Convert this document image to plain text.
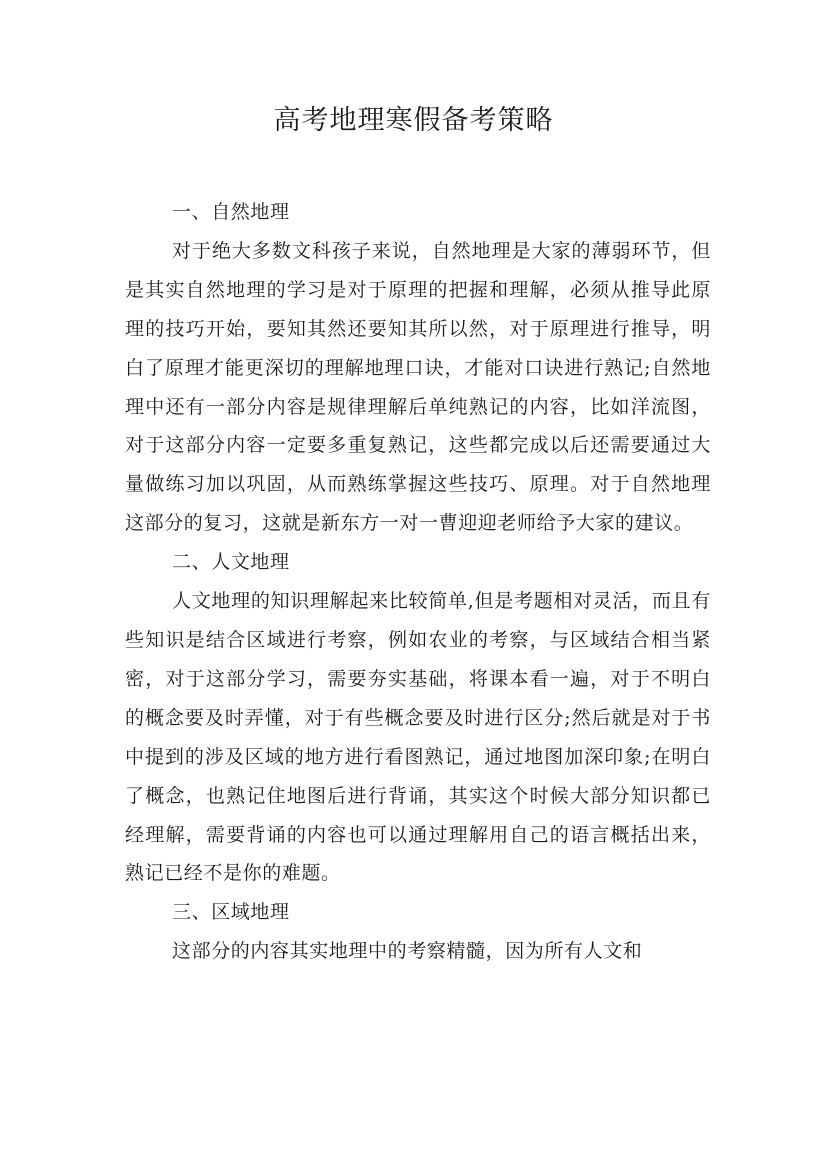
高考地理寒假备考策略

一、自然地理

对于绝大多数文科孩子来说，自然地理是大家的薄弱环节，但是其实自然地理的学习是对于原理的把握和理解，必须从推导此原理的技巧开始，要知其然还要知其所以然，对于原理进行推导，明白了原理才能更深切的理解地理口诀，才能对口诀进行熟记;自然地理中还有一部分内容是规律理解后单纯熟记的内容，比如洋流图，对于这部分内容一定要多重复熟记，这些都完成以后还需要通过大量做练习加以巩固，从而熟练掌握这些技巧、原理。对于自然地理这部分的复习，这就是新东方一对一曹迎迎老师给予大家的建议。

二、人文地理

人文地理的知识理解起来比较简单,但是考题相对灵活，而且有些知识是结合区域进行考察，例如农业的考察，与区域结合相当紧密，对于这部分学习，需要夯实基础，将课本看一遍，对于不明白的概念要及时弄懂，对于有些概念要及时进行区分;然后就是对于书中提到的涉及区域的地方进行看图熟记，通过地图加深印象;在明白了概念，也熟记住地图后进行背诵，其实这个时候大部分知识都已经理解，需要背诵的内容也可以通过理解用自己的语言概括出来，熟记已经不是你的难题。

三、区域地理

这部分的内容其实地理中的考察精髓，因为所有人文和
